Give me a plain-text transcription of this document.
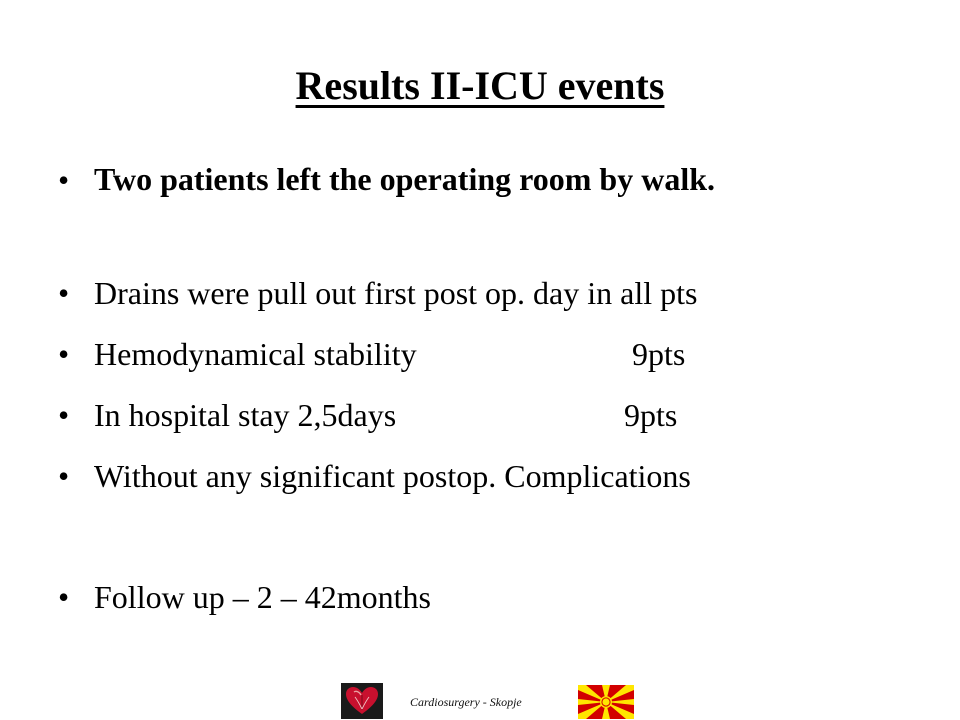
Results II-ICU events
• Two patients left the operating room by walk.
• Drains were pull out first post op. day in all pts
• Hemodynamical stability	9pts
• In hospital stay 2,5days	9pts
• Without any significant postop. Complications
• Follow up – 2 – 42months
Cardiosurgery - Skopje
